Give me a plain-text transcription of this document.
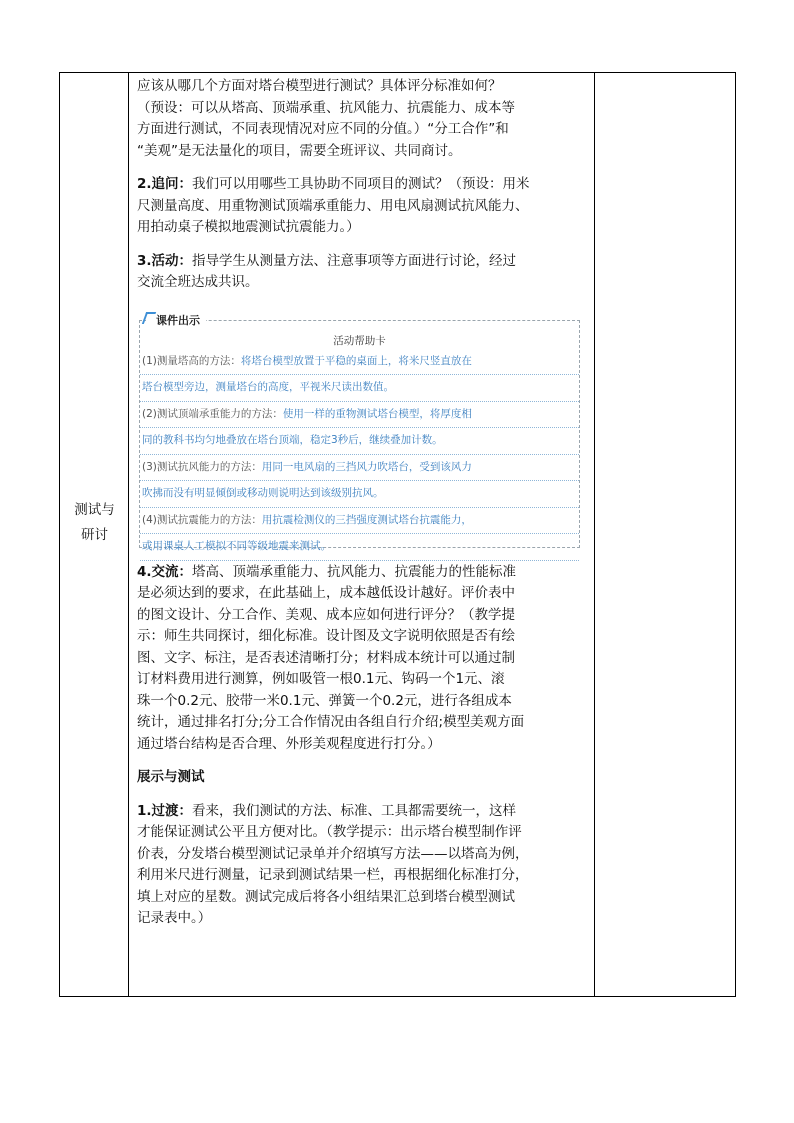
测试与
研讨

应该从哪几个方面对塔台模型进行测试？具体评分标准如何？

（预设：可以从塔高、顶端承重、抗风能力、抗震能力、成本等

方面进行测试，不同表现情况对应不同的分值。）“分工合作”和

“美观”是无法量化的项目，需要全班评议、共同商讨。

2.追问：我们可以用哪些工具协助不同项目的测试？（预设：用米

尺测量高度、用重物测试顶端承重能力、用电风扇测试抗风能力、

用拍动桌子模拟地震测试抗震能力。）

3.活动：指导学生从测量方法、注意事项等方面进行讨论，经过

交流全班达成共识。

课件出示
活动帮助卡
(1)测量塔高的方法：将塔台模型放置于平稳的桌面上，将米尺竖直放在
塔台模型旁边，测量塔台的高度，平视米尺读出数值。
(2)测试顶端承重能力的方法：使用一样的重物测试塔台模型，将厚度相
同的教科书均匀地叠放在塔台顶端，稳定3秒后，继续叠加计数。
(3)测试抗风能力的方法：用同一电风扇的三挡风力吹塔台，受到该风力
吹拂而没有明显倾倒或移动则说明达到该级别抗风。
(4)测试抗震能力的方法：用抗震检测仪的三挡强度测试塔台抗震能力，
或用课桌人工模拟不同等级地震来测试。

4.交流：塔高、顶端承重能力、抗风能力、抗震能力的性能标准

是必须达到的要求，在此基础上，成本越低设计越好。评价表中

的图文设计、分工合作、美观、成本应如何进行评分？（教学提

示：师生共同探讨，细化标准。设计图及文字说明依照是否有绘

图、文字、标注，是否表述清晰打分；材料成本统计可以通过制

订材料费用进行测算，例如吸管一根0.1元、钩码一个1元、滚

珠一个0.2元、胶带一米0.1元、弹簧一个0.2元，进行各组成本

统计，通过排名打分;分工合作情况由各组自行介绍;模型美观方面

通过塔台结构是否合理、外形美观程度进行打分。）

展示与测试

1.过渡：看来，我们测试的方法、标准、工具都需要统一，这样

才能保证测试公平且方便对比。（教学提示：出示塔台模型制作评

价表，分发塔台模型测试记录单并介绍填写方法——以塔高为例，

利用米尺进行测量，记录到测试结果一栏，再根据细化标准打分，

填上对应的星数。测试完成后将各小组结果汇总到塔台模型测试

记录表中。）
